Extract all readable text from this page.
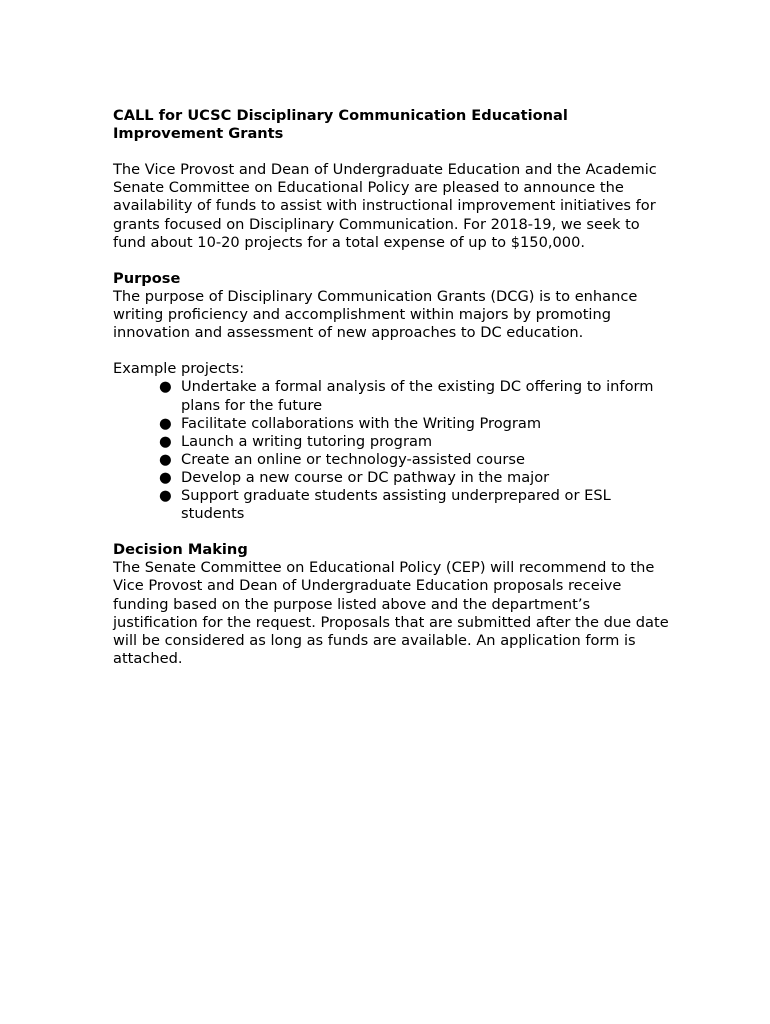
CALL for UCSC Disciplinary Communication Educational Improvement Grants

The Vice Provost and Dean of Undergraduate Education and the Academic Senate Committee on Educational Policy are pleased to announce the availability of funds to assist with instructional improvement initiatives for grants focused on Disciplinary Communication. For 2018-19, we seek to fund about 10-20 projects for a total expense of up to $150,000.

Purpose

The purpose of Disciplinary Communication Grants (DCG) is to enhance writing proficiency and accomplishment within majors by promoting innovation and assessment of new approaches to DC education.

Example projects:

● Undertake a formal analysis of the existing DC offering to inform plans for the future
● Facilitate collaborations with the Writing Program
● Launch a writing tutoring program
● Create an online or technology-assisted course
● Develop a new course or DC pathway in the major
● Support graduate students assisting underprepared or ESL students

Decision Making

The Senate Committee on Educational Policy (CEP) will recommend to the Vice Provost and Dean of Undergraduate Education proposals receive funding based on the purpose listed above and the department’s justification for the request. Proposals that are submitted after the due date will be considered as long as funds are available. An application form is attached.
